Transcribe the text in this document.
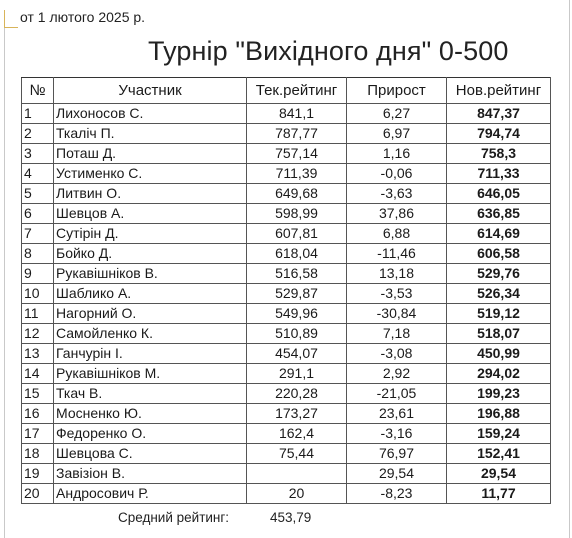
от 1 лютого 2025 р.
Турнір "Вихідного дня" 0-500
№	Участник	Тек.рейтинг	Прирост	Нов.рейтинг
1	Лихоносов С.	841,1	6,27	847,37
2	Ткаліч П.	787,77	6,97	794,74
3	Поташ Д.	757,14	1,16	758,3
4	Устименко С.	711,39	-0,06	711,33
5	Литвин О.	649,68	-3,63	646,05
6	Шевцов А.	598,99	37,86	636,85
7	Сутірін Д.	607,81	6,88	614,69
8	Бойко Д.	618,04	-11,46	606,58
9	Рукавішніков В.	516,58	13,18	529,76
10	Шаблико А.	529,87	-3,53	526,34
11	Нагорний О.	549,96	-30,84	519,12
12	Самойленко К.	510,89	7,18	518,07
13	Ганчурін І.	454,07	-3,08	450,99
14	Рукавішніков М.	291,1	2,92	294,02
15	Ткач В.	220,28	-21,05	199,23
16	Мосненко Ю.	173,27	23,61	196,88
17	Федоренко О.	162,4	-3,16	159,24
18	Шевцова С.	75,44	76,97	152,41
19	Завізіон В.		29,54	29,54
20	Андросович Р.	20	-8,23	11,77
Средний рейтинг:	453,79
